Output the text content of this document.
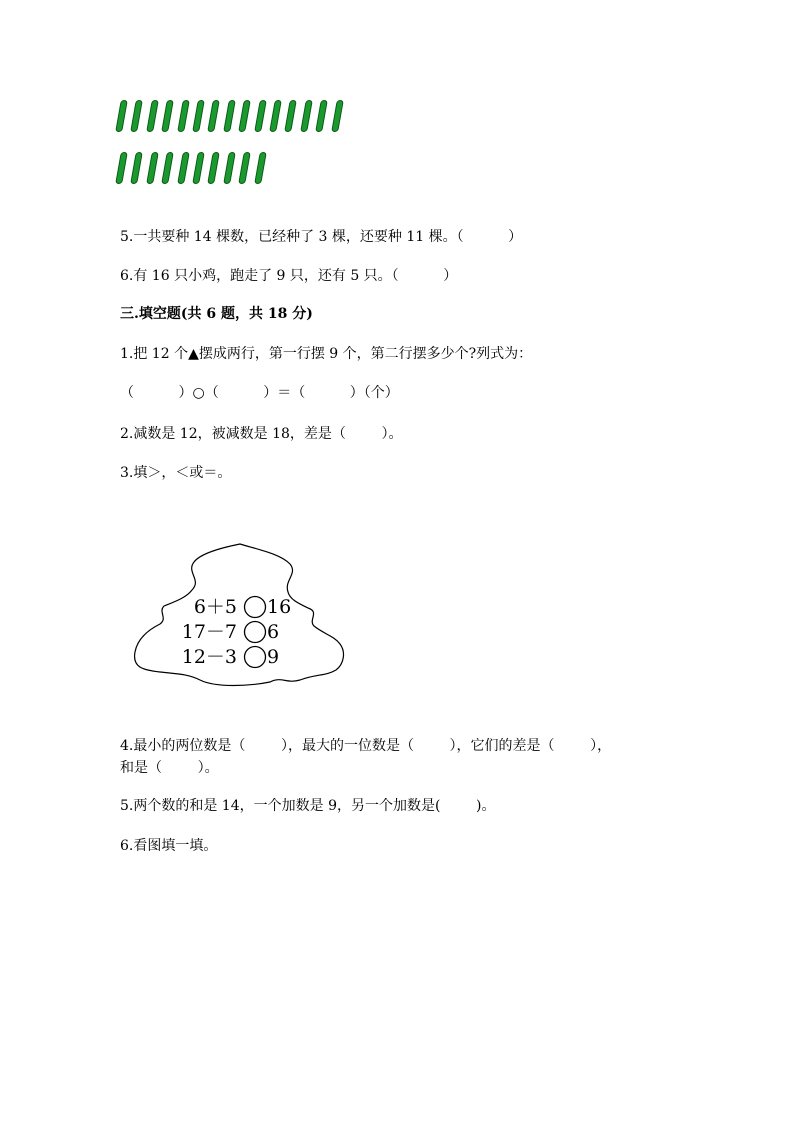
5.一共要种 14 棵数，已经种了 3 棵，还要种 11 棵。（          ）
6.有 16 只小鸡，跑走了 9 只，还有 5 只。（          ）
三.填空题(共 6 题，共 18 分)
1.把 12 个▲摆成两行，第一行摆 9 个，第二行摆多少个?列式为：
（          ）○（          ）＝（          ）（个）
2.减数是 12，被减数是 18，差是（        ）。
3.填＞，＜或＝。
6＋5 16
17－7 6
12－3 9
4.最小的两位数是（        ），最大的一位数是（        ），它们的差是（        ），
和是（        ）。
5.两个数的和是 14，一个加数是 9，另一个加数是(        )。
6.看图填一填。
